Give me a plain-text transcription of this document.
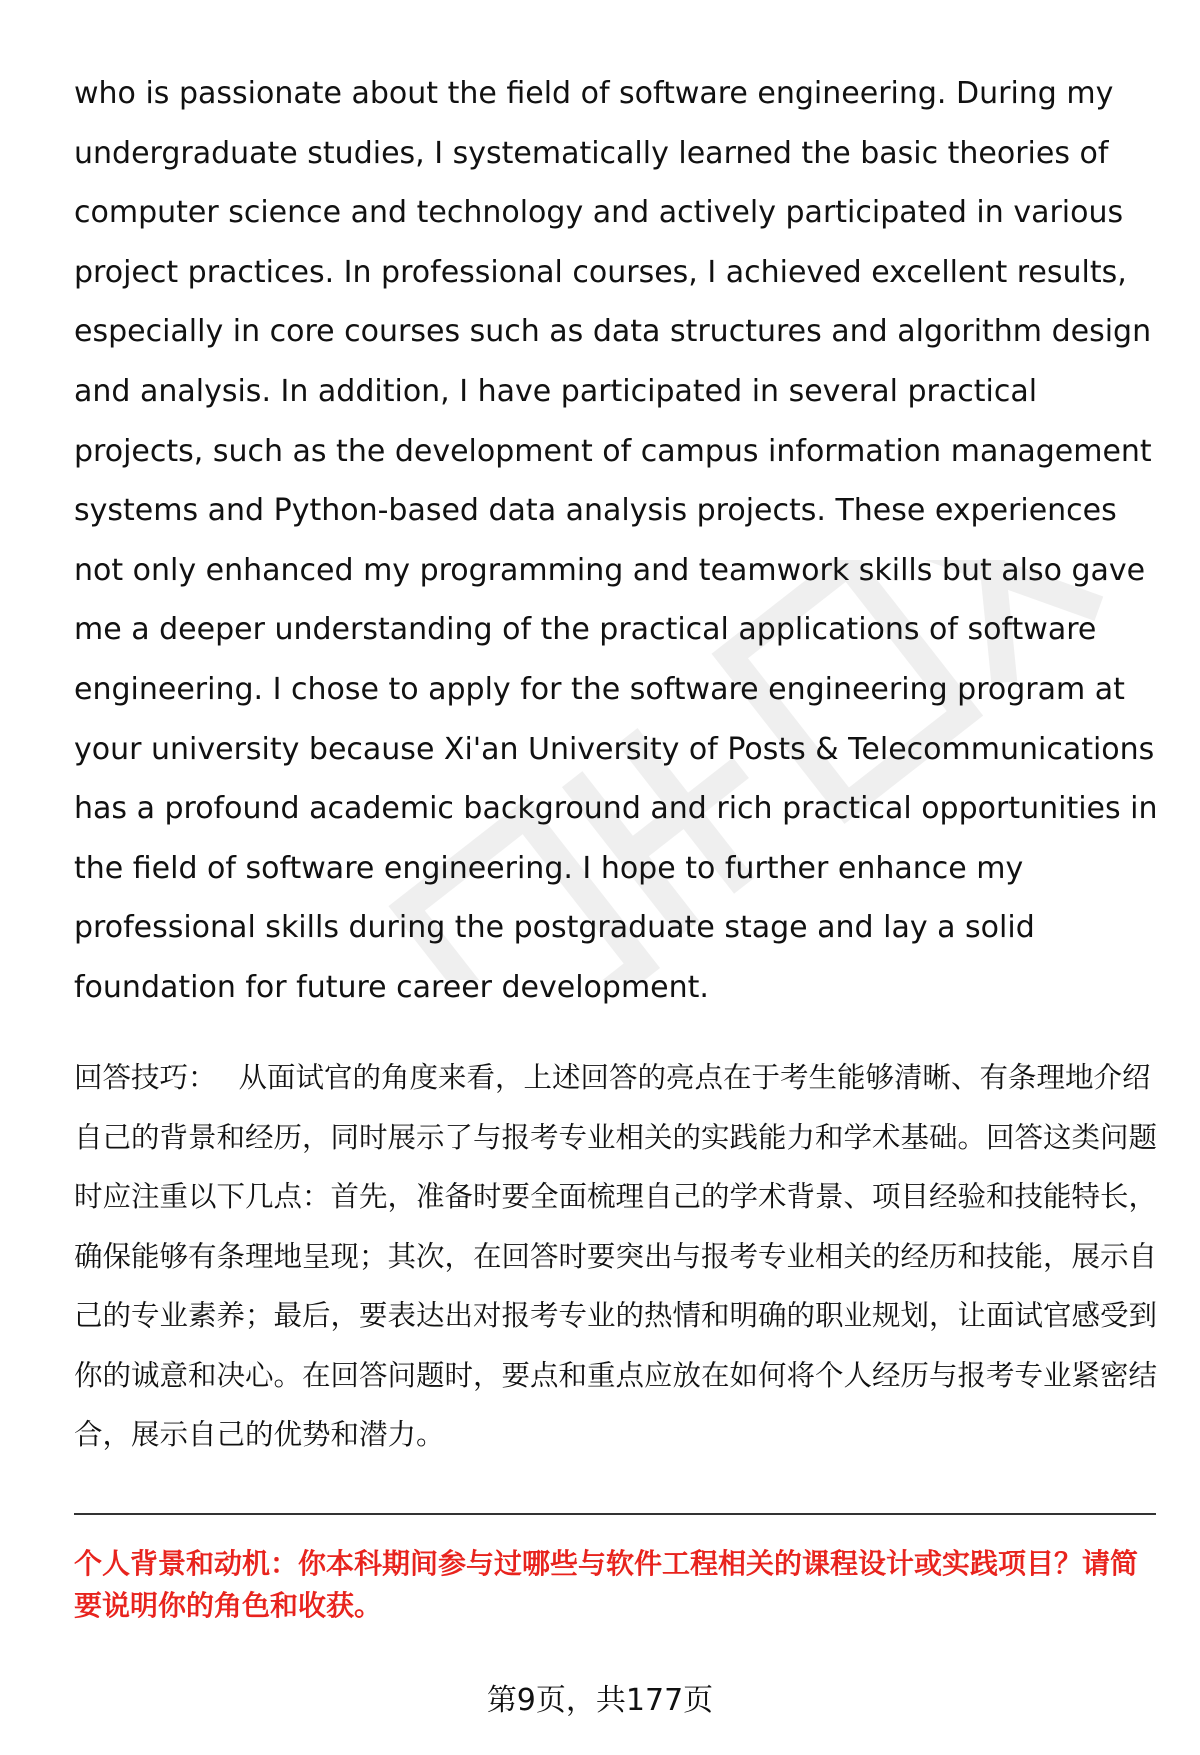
who is passionate about the field of software engineering. During my undergraduate studies, I systematically learned the basic theories of computer science and technology and actively participated in various project practices. In professional courses, I achieved excellent results, especially in core courses such as data structures and algorithm design and analysis. In addition, I have participated in several practical projects, such as the development of campus information management systems and Python-based data analysis projects. These experiences not only enhanced my programming and teamwork skills but also gave me a deeper understanding of the practical applications of software engineering. I chose to apply for the software engineering program at your university because Xi'an University of Posts & Telecommunications has a profound academic background and rich practical opportunities in the field of software engineering. I hope to further enhance my professional skills during the postgraduate stage and lay a solid foundation for future career development.

回答技巧： 从面试官的角度来看，上述回答的亮点在于考生能够清晰、有条理地介绍自己的背景和经历，同时展示了与报考专业相关的实践能力和学术基础。回答这类问题时应注重以下几点：首先，准备时要全面梳理自己的学术背景、项目经验和技能特长，确保能够有条理地呈现；其次，在回答时要突出与报考专业相关的经历和技能，展示自己的专业素养；最后，要表达出对报考专业的热情和明确的职业规划，让面试官感受到你的诚意和决心。在回答问题时，要点和重点应放在如何将个人经历与报考专业紧密结合，展示自己的优势和潜力。

个人背景和动机：你本科期间参与过哪些与软件工程相关的课程设计或实践项目？请简要说明你的角色和收获。

第9页，共177页
